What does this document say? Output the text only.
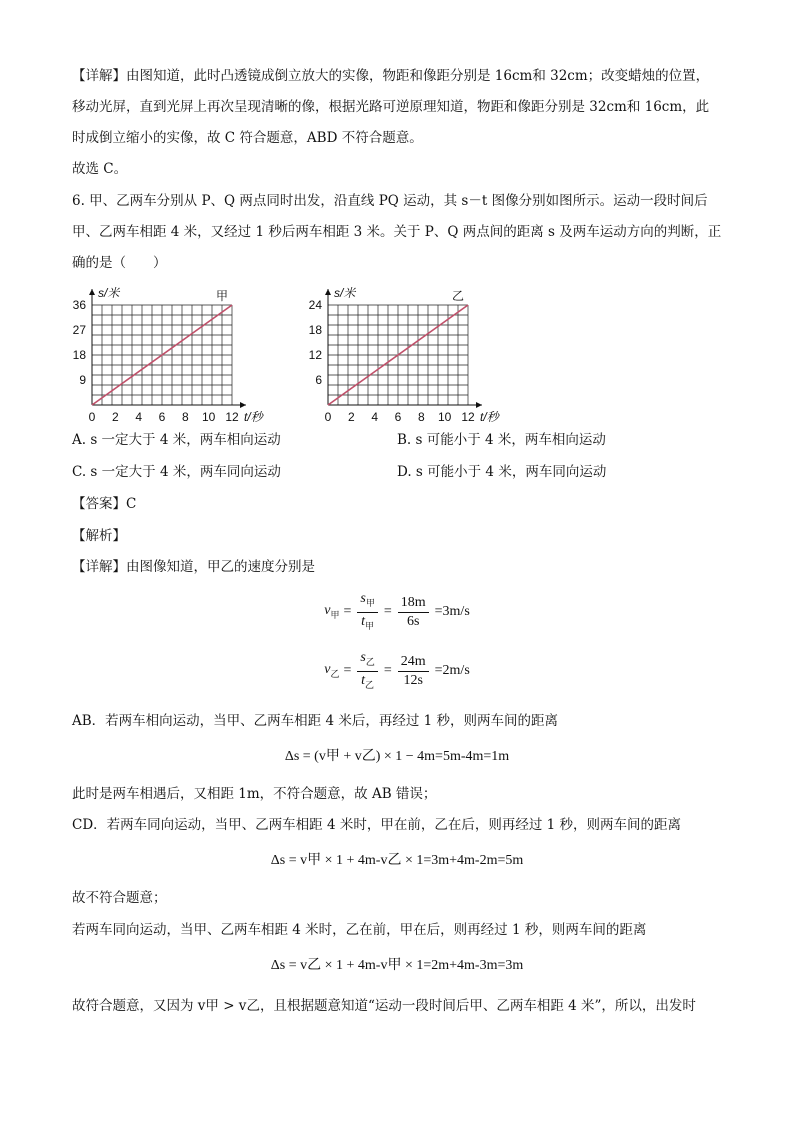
【详解】由图知道，此时凸透镜成倒立放大的实像，物距和像距分别是 16cm和 32cm；改变蜡烛的位置，
移动光屏，直到光屏上再次呈现清晰的像，根据光路可逆原理知道，物距和像距分别是 32cm和 16cm，此
时成倒立缩小的实像，故 C 符合题意，ABD 不符合题意。
故选 C。
6. 甲、乙两车分别从 P、Q 两点同时出发，沿直线 PQ 运动，其 s－t 图像分别如图所示。运动一段时间后
甲、乙两车相距 4 米，又经过 1 秒后两车相距 3 米。关于 P、Q 两点间的距离 s 及两车运动方向的判断，正
确的是（　　）
0 2 4 6 8 10 12
9
18
27
36
s/米
t/秒
甲
0 2 4 6 8 10 12
6
12
18
24
s/米
t/秒
乙
A. s 一定大于 4 米，两车相向运动	B. s 可能小于 4 米，两车相向运动
C. s 一定大于 4 米，两车同向运动	D. s 可能小于 4 米，两车同向运动
【答案】C
【解析】
【详解】由图像知道，甲乙的速度分别是
$v_甲 = \frac{s_甲}{t_甲} = \frac{18m}{6s} =3m/s$
$v_乙 = \frac{s_乙}{t_乙} = \frac{24m}{12s} =2m/s$
AB．若两车相向运动，当甲、乙两车相距 4 米后，再经过 1 秒，则两车间的距离
Δs = (v甲 + v乙) × 1 − 4m=5m-4m=1m
此时是两车相遇后，又相距 1m，不符合题意，故 AB 错误；
CD．若两车同向运动，当甲、乙两车相距 4 米时，甲在前，乙在后，则再经过 1 秒，则两车间的距离
Δs = v甲 × 1 + 4m-v乙 × 1=3m+4m-2m=5m
故不符合题意；
若两车同向运动，当甲、乙两车相距 4 米时，乙在前，甲在后，则再经过 1 秒，则两车间的距离
Δs = v乙 × 1 + 4m-v甲 × 1=2m+4m-3m=3m
故符合题意，又因为 v甲 > v乙，且根据题意知道“运动一段时间后甲、乙两车相距 4 米”，所以，出发时
